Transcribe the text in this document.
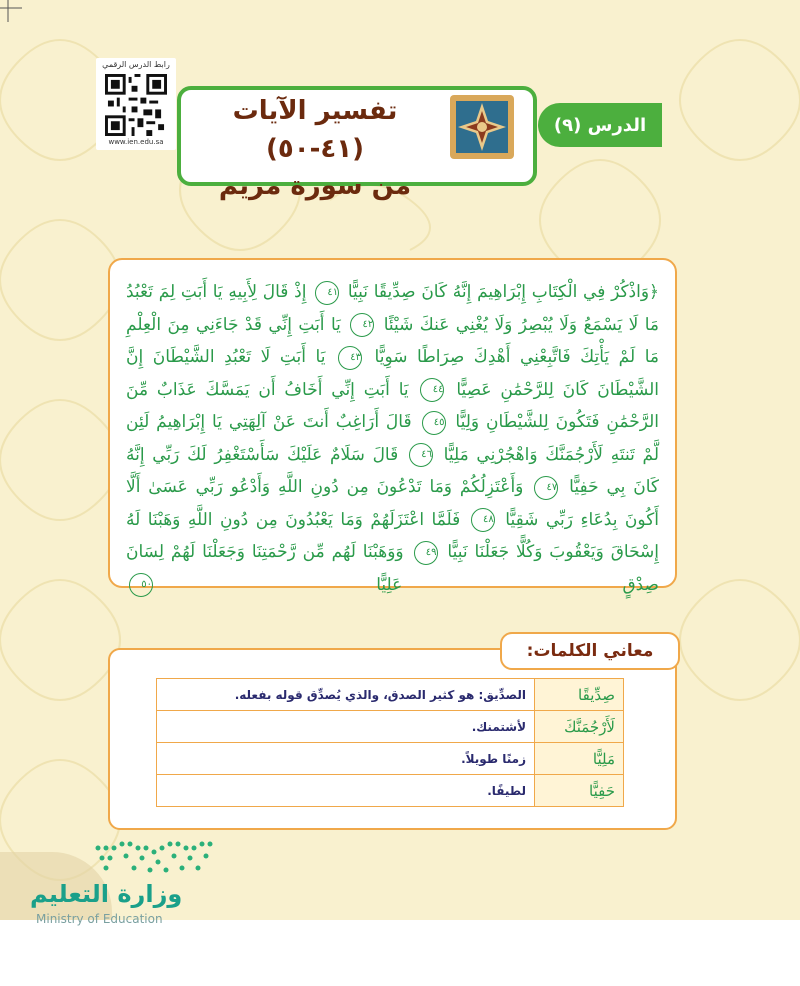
رابط الدرس الرقمي
www.ien.edu.sa
الدرس (٩)
تفسير الآيات (٤١-٥٠)
من سورة مريم
﴿وَاذْكُرْ فِي الْكِتَابِ إِبْرَاهِيمَ إِنَّهُ كَانَ صِدِّيقًا نَبِيًّا ٤١ إِذْ قَالَ لِأَبِيهِ يَا أَبَتِ لِمَ تَعْبُدُ مَا لَا يَسْمَعُ وَلَا يُبْصِرُ وَلَا يُغْنِي عَنكَ شَيْئًا ٤٢ يَا أَبَتِ إِنِّي قَدْ جَاءَنِي مِنَ الْعِلْمِ مَا لَمْ يَأْتِكَ فَاتَّبِعْنِي أَهْدِكَ صِرَاطًا سَوِيًّا ٤٣ يَا أَبَتِ لَا تَعْبُدِ الشَّيْطَانَ إِنَّ الشَّيْطَانَ كَانَ لِلرَّحْمَٰنِ عَصِيًّا ٤٤ يَا أَبَتِ إِنِّي أَخَافُ أَن يَمَسَّكَ عَذَابٌ مِّنَ الرَّحْمَٰنِ فَتَكُونَ لِلشَّيْطَانِ وَلِيًّا ٤٥ قَالَ أَرَاغِبٌ أَنتَ عَنْ آلِهَتِي يَا إِبْرَاهِيمُ لَئِن لَّمْ تَنتَهِ لَأَرْجُمَنَّكَ وَاهْجُرْنِي مَلِيًّا ٤٦ قَالَ سَلَامٌ عَلَيْكَ سَأَسْتَغْفِرُ لَكَ رَبِّي إِنَّهُ كَانَ بِي حَفِيًّا ٤٧ وَأَعْتَزِلُكُمْ وَمَا تَدْعُونَ مِن دُونِ اللَّهِ وَأَدْعُو رَبِّي عَسَىٰ أَلَّا أَكُونَ بِدُعَاءِ رَبِّي شَقِيًّا ٤٨ فَلَمَّا اعْتَزَلَهُمْ وَمَا يَعْبُدُونَ مِن دُونِ اللَّهِ وَهَبْنَا لَهُ إِسْحَاقَ وَيَعْقُوبَ وَكُلًّا جَعَلْنَا نَبِيًّا ٤٩ وَوَهَبْنَا لَهُم مِّن رَّحْمَتِنَا وَجَعَلْنَا لَهُمْ لِسَانَ صِدْقٍ عَلِيًّا ٥٠
معاني الكلمات:
صِدِّيقًا	الصدِّيق: هو كثير الصدق، والذي يُصدِّق قوله بفعله.
لَأَرْجُمَنَّكَ	لأشتمنك.
مَلِيًّا	زمنًا طويلاً.
حَفِيًّا	لطيفًا.
وزارة التعليم
Ministry of Education
